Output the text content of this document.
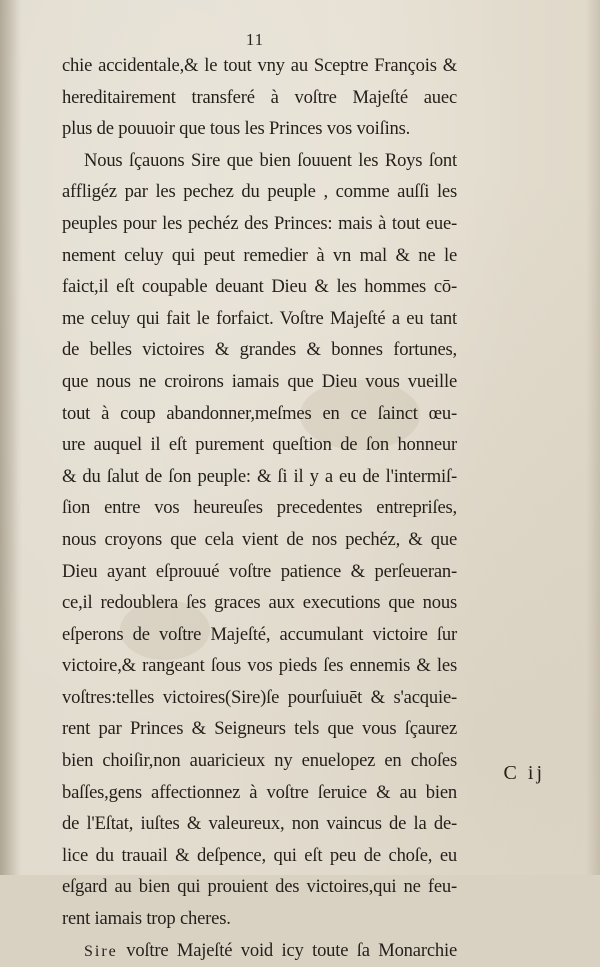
11
chie accidentale,& le tout vny au Sceptre François &
hereditairement transferé à voſtre Majeſté auec
plus de pouuoir que tous les Princes vos voiſins.
Nous ſçauons Sire que bien ſouuent les Roys ſont
affligéz par les pechez du peuple , comme auſſi les
peuples pour les pechéz des Princes: mais à tout eue-
nement celuy qui peut remedier à vn mal & ne le
faict,il eſt coupable deuant Dieu & les hommes cō-
me celuy qui fait le forfaict. Voſtre Majeſté a eu tant
de belles victoires & grandes & bonnes fortunes,
que nous ne croirons iamais que Dieu vous vueille
tout à coup abandonner,meſmes en ce ſainct œu-
ure auquel il eſt purement queſtion de ſon honneur
& du ſalut de ſon peuple: & ſi il y a eu de l'intermiſ-
ſion entre vos heureuſes precedentes entrepriſes,
nous croyons que cela vient de nos pechéz, & que
Dieu ayant eſprouué voſtre patience & perſeueran-
ce,il redoublera ſes graces aux executions que nous
eſperons de voſtre Majeſté, accumulant victoire ſur
victoire,& rangeant ſous vos pieds ſes ennemis & les
voſtres:telles victoires(Sire)ſe pourſuiuēt & s'acquie-
rent par Princes & Seigneurs tels que vous ſçaurez
bien choiſir,non auaricieux ny enuelopez en choſes
baſſes,gens affectionnez à voſtre ſeruice & au bien
de l'Eſtat, iuſtes & valeureux, non vaincus de la de-
lice du trauail & deſpence, qui eſt peu de choſe, eu
eſgard au bien qui prouient des victoires,qui ne feu-
rent iamais trop cheres.
Sire voſtre Majeſté void icy toute ſa Monarchie
C ij
